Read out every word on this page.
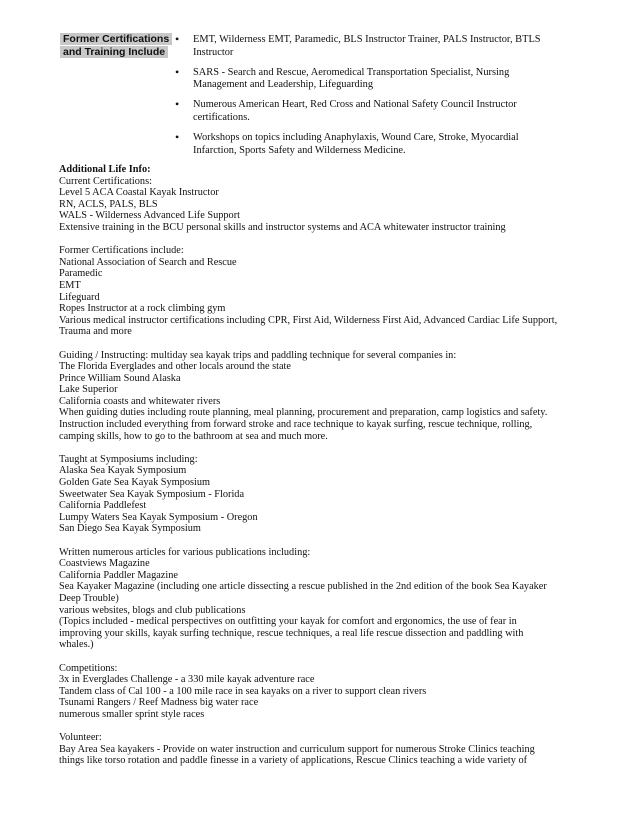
Former Certifications and Training Include
• EMT, Wilderness EMT, Paramedic, BLS Instructor Trainer, PALS Instructor, BTLS Instructor
• SARS - Search and Rescue, Aeromedical Transportation Specialist, Nursing Management and Leadership, Lifeguarding
• Numerous American Heart, Red Cross and National Safety Council Instructor certifications.
• Workshops on topics including Anaphylaxis, Wound Care, Stroke, Myocardial Infarction, Sports Safety and Wilderness Medicine.
Additional Life Info:
Current Certifications:
Level 5 ACA Coastal Kayak Instructor
RN, ACLS, PALS, BLS
WALS - Wilderness Advanced Life Support
Extensive training in the BCU personal skills and instructor systems and ACA whitewater instructor training
Former Certifications include:
National Association of Search and Rescue
Paramedic
EMT
Lifeguard
Ropes Instructor at a rock climbing gym
Various medical instructor certifications including CPR, First Aid, Wilderness First Aid, Advanced Cardiac Life Support, Trauma and more
Guiding / Instructing: multiday sea kayak trips and paddling technique for several companies in:
The Florida Everglades and other locals around the state
Prince William Sound Alaska
Lake Superior
California coasts and whitewater rivers
When guiding duties including route planning, meal planning, procurement and preparation, camp logistics and safety.
Instruction included everything from forward stroke and race technique to kayak surfing, rescue technique, rolling, camping skills, how to go to the bathroom at sea and much more.
Taught at Symposiums including:
Alaska Sea Kayak Symposium
Golden Gate Sea Kayak Symposium
Sweetwater Sea Kayak Symposium - Florida
California Paddlefest
Lumpy Waters Sea Kayak Symposium - Oregon
San Diego Sea Kayak Symposium
Written numerous articles for various publications including:
Coastviews Magazine
California Paddler Magazine
Sea Kayaker Magazine (including one article dissecting a rescue published in the 2nd edition of the book Sea Kayaker Deep Trouble)
various websites, blogs and club publications
(Topics included - medical perspectives on outfitting your kayak for comfort and ergonomics, the use of fear in improving your skills, kayak surfing technique, rescue techniques, a real life rescue dissection and paddling with whales.)
Competitions:
3x in Everglades Challenge - a 330 mile kayak adventure race
Tandem class of Cal 100 - a 100 mile race in sea kayaks on a river to support clean rivers
Tsunami Rangers / Reef Madness big water race
numerous smaller sprint style races
Volunteer:
Bay Area Sea kayakers - Provide on water instruction and curriculum support for numerous Stroke Clinics teaching things like torso rotation and paddle finesse in a variety of applications, Rescue Clinics teaching a wide variety of
